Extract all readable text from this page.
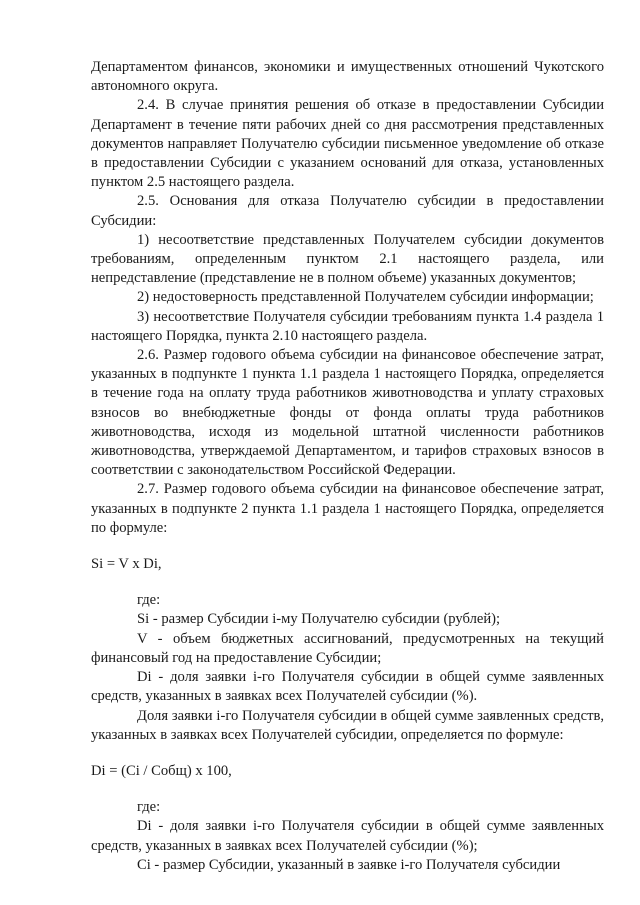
Департаментом финансов, экономики и имущественных отношений Чукотского автономного округа.

2.4. В случае принятия решения об отказе в предоставлении Субсидии Департамент в течение пяти рабочих дней со дня рассмотрения представленных документов направляет Получателю субсидии письменное уведомление об отказе в предоставлении Субсидии с указанием оснований для отказа, установленных пунктом 2.5 настоящего раздела.

2.5. Основания для отказа Получателю субсидии в предоставлении Субсидии:

1) несоответствие представленных Получателем субсидии документов требованиям, определенным пунктом 2.1 настоящего раздела, или непредставление (представление не в полном объеме) указанных документов;

2) недостоверность представленной Получателем субсидии информации;

3) несоответствие Получателя субсидии требованиям пункта 1.4 раздела 1 настоящего Порядка, пункта 2.10 настоящего раздела.

2.6. Размер годового объема субсидии на финансовое обеспечение затрат, указанных в подпункте 1 пункта 1.1 раздела 1 настоящего Порядка, определяется в течение года на оплату труда работников животноводства и уплату страховых взносов во внебюджетные фонды от фонда оплаты труда работников животноводства, исходя из модельной штатной численности работников животноводства, утверждаемой Департаментом, и тарифов страховых взносов в соответствии с законодательством Российской Федерации.

2.7. Размер годового объема субсидии на финансовое обеспечение затрат, указанных в подпункте 2 пункта 1.1 раздела 1 настоящего Порядка, определяется по формуле:

Si = V x Di,

где:

Si - размер Субсидии i-му Получателю субсидии (рублей);

V - объем бюджетных ассигнований, предусмотренных на текущий финансовый год на предоставление Субсидии;

Di - доля заявки i-го Получателя субсидии в общей сумме заявленных средств, указанных в заявках всех Получателей субсидии (%).

Доля заявки i-го Получателя субсидии в общей сумме заявленных средств, указанных в заявках всех Получателей субсидии, определяется по формуле:

Di = (Ci / Cобщ) x 100,

где:

Di - доля заявки i-го Получателя субсидии в общей сумме заявленных средств, указанных в заявках всех Получателей субсидии (%);

Ci - размер Субсидии, указанный в заявке i-го Получателя субсидии
